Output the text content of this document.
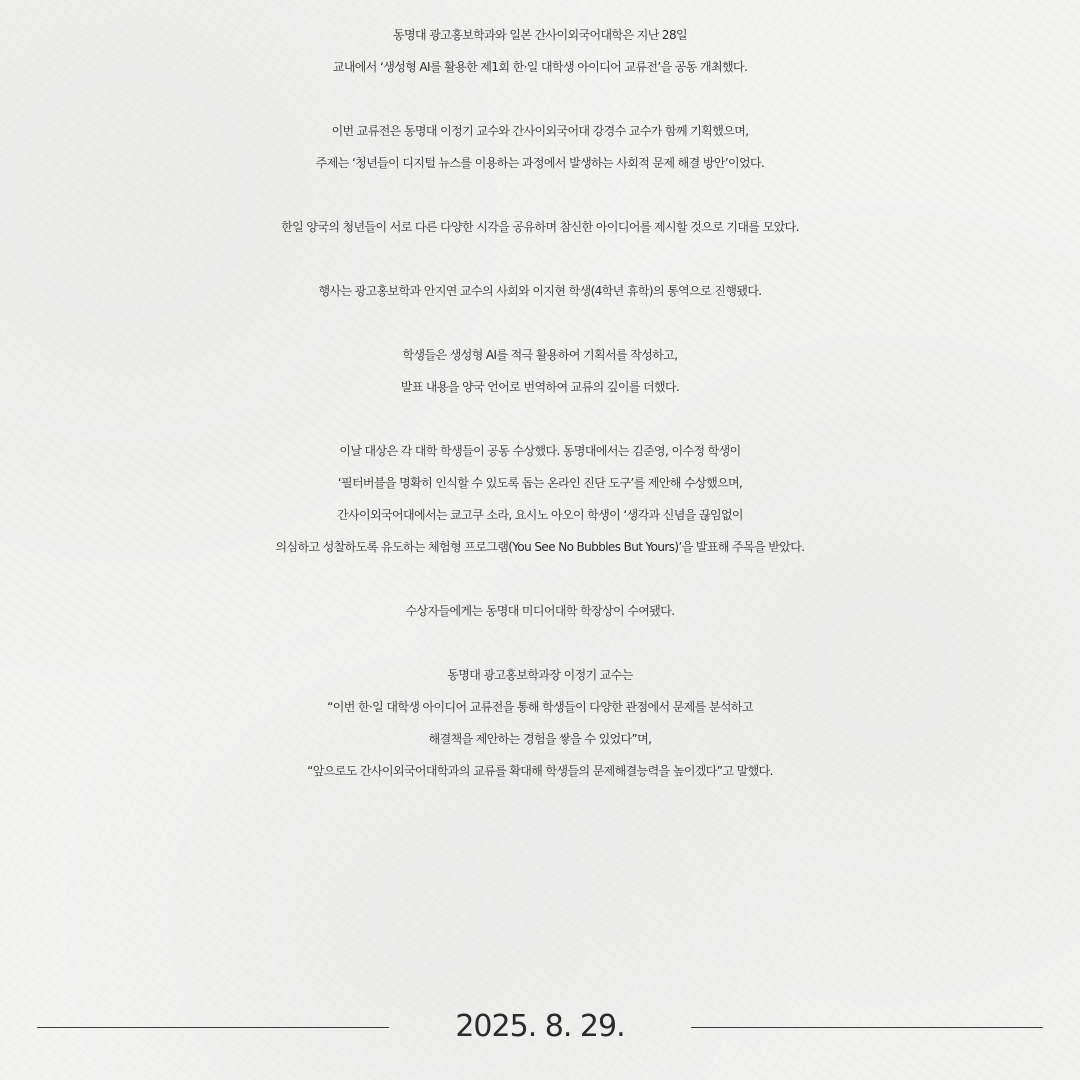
동명대 광고홍보학과와 일본 간사이외국어대학은 지난 28일
교내에서 ‘생성형 AI를 활용한 제1회 한·일 대학생 아이디어 교류전’을 공동 개최했다.
이번 교류전은 동명대 이정기 교수와 간사이외국어대 강경수 교수가 함께 기획했으며,
주제는 ‘청년들이 디지털 뉴스를 이용하는 과정에서 발생하는 사회적 문제 해결 방안’이었다.
한일 양국의 청년들이 서로 다른 다양한 시각을 공유하며 참신한 아이디어를 제시할 것으로 기대를 모았다.
행사는 광고홍보학과 안지연 교수의 사회와 이지현 학생(4학년 휴학)의 통역으로 진행됐다.
학생들은 생성형 AI를 적극 활용하여 기획서를 작성하고,
발표 내용을 양국 언어로 번역하여 교류의 깊이를 더했다.
이날 대상은 각 대학 학생들이 공동 수상했다. 동명대에서는 김준영, 이수정 학생이
‘필터버블을 명확히 인식할 수 있도록 돕는 온라인 진단 도구’를 제안해 수상했으며,
간사이외국어대에서는 쿄고쿠 소라, 요시노 아오이 학생이 ‘생각과 신념을 끊임없이
의심하고 성찰하도록 유도하는 체험형 프로그램(You See No Bubbles But Yours)’을 발표해 주목을 받았다.
수상자들에게는 동명대 미디어대학 학장상이 수여됐다.
동명대 광고홍보학과장 이정기 교수는
“이번 한·일 대학생 아이디어 교류전을 통해 학생들이 다양한 관점에서 문제를 분석하고
해결책을 제안하는 경험을 쌓을 수 있었다”며,
“앞으로도 간사이외국어대학과의 교류를 확대해 학생들의 문제해결능력을 높이겠다”고 말했다.
2025. 8. 29.
